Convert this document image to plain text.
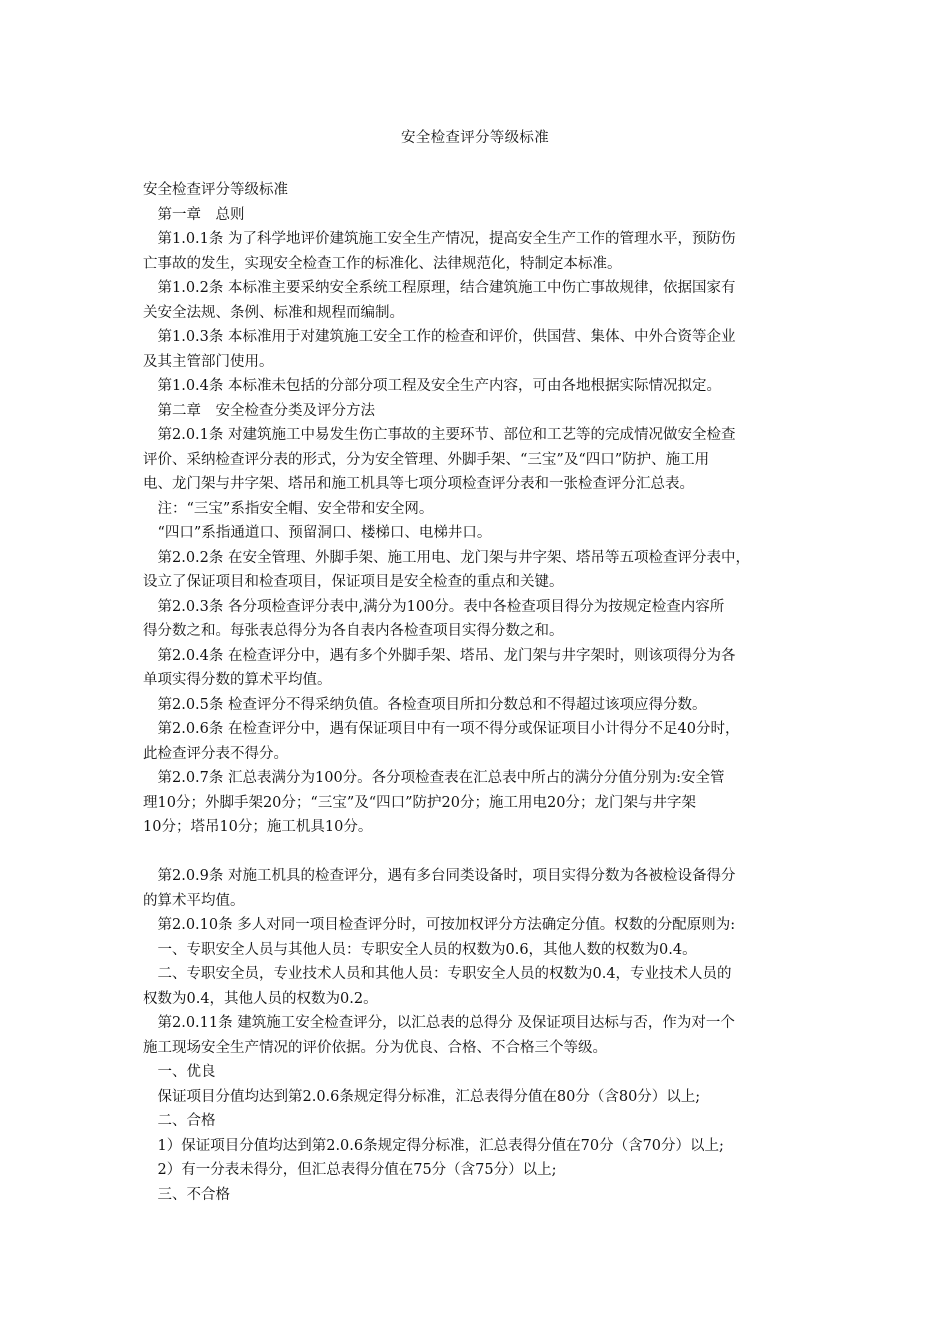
安全检查评分等级标准
安全检查评分等级标准
　第一章　总则
　第1.0.1条 为了科学地评价建筑施工安全生产情况，提高安全生产工作的管理水平，预防伤
亡事故的发生，实现安全检查工作的标准化、法律规范化，特制定本标准。
　第1.0.2条 本标准主要采纳安全系统工程原理，结合建筑施工中伤亡事故规律，依据国家有
关安全法规、条例、标准和规程而编制。
　第1.0.3条 本标准用于对建筑施工安全工作的检查和评价，供国营、集体、中外合资等企业
及其主管部门使用。
　第1.0.4条 本标准未包括的分部分项工程及安全生产内容，可由各地根据实际情况拟定。
　第二章　安全检查分类及评分方法
　第2.0.1条 对建筑施工中易发生伤亡事故的主要环节、部位和工艺等的完成情况做安全检查
评价、采纳检查评分表的形式，分为安全管理、外脚手架、“三宝”及“四口”防护、施工用
电、龙门架与井字架、塔吊和施工机具等七项分项检查评分表和一张检查评分汇总表。
　注：“三宝”系指安全帽、安全带和安全网。
　“四口”系指通道口、预留洞口、楼梯口、电梯井口。
　第2.0.2条 在安全管理、外脚手架、施工用电、龙门架与井字架、塔吊等五项检查评分表中，
设立了保证项目和检查项目，保证项目是安全检查的重点和关键。
　第2.0.3条 各分项检查评分表中,满分为100分。表中各检查项目得分为按规定检查内容所
得分数之和。每张表总得分为各自表内各检查项目实得分数之和。
　第2.0.4条 在检查评分中，遇有多个外脚手架、塔吊、龙门架与井字架时，则该项得分为各
单项实得分数的算术平均值。
　第2.0.5条 检查评分不得采纳负值。各检查项目所扣分数总和不得超过该项应得分数。
　第2.0.6条 在检查评分中，遇有保证项目中有一项不得分或保证项目小计得分不足40分时，
此检查评分表不得分。
　第2.0.7条 汇总表满分为100分。各分项检查表在汇总表中所占的满分分值分别为:安全管
理10分；外脚手架20分；“三宝”及“四口”防护20分；施工用电20分；龙门架与井字架
10分；塔吊10分；施工机具10分。
　第2.0.9条 对施工机具的检查评分，遇有多台同类设备时，项目实得分数为各被检设备得分
的算术平均值。
　第2.0.10条 多人对同一项目检查评分时，可按加权评分方法确定分值。权数的分配原则为:
　一、专职安全人员与其他人员：专职安全人员的权数为0.6，其他人数的权数为0.4。
　二、专职安全员，专业技术人员和其他人员：专职安全人员的权数为0.4，专业技术人员的
权数为0.4，其他人员的权数为0.2。
　第2.0.11条 建筑施工安全检查评分，以汇总表的总得分 及保证项目达标与否，作为对一个
施工现场安全生产情况的评价依据。分为优良、合格、不合格三个等级。
　一、优良
　保证项目分值均达到第2.0.6条规定得分标准，汇总表得分值在80分（含80分）以上;
　二、合格
　1）保证项目分值均达到第2.0.6条规定得分标准，汇总表得分值在70分（含70分）以上;
　2）有一分表未得分，但汇总表得分值在75分（含75分）以上;
　三、不合格
